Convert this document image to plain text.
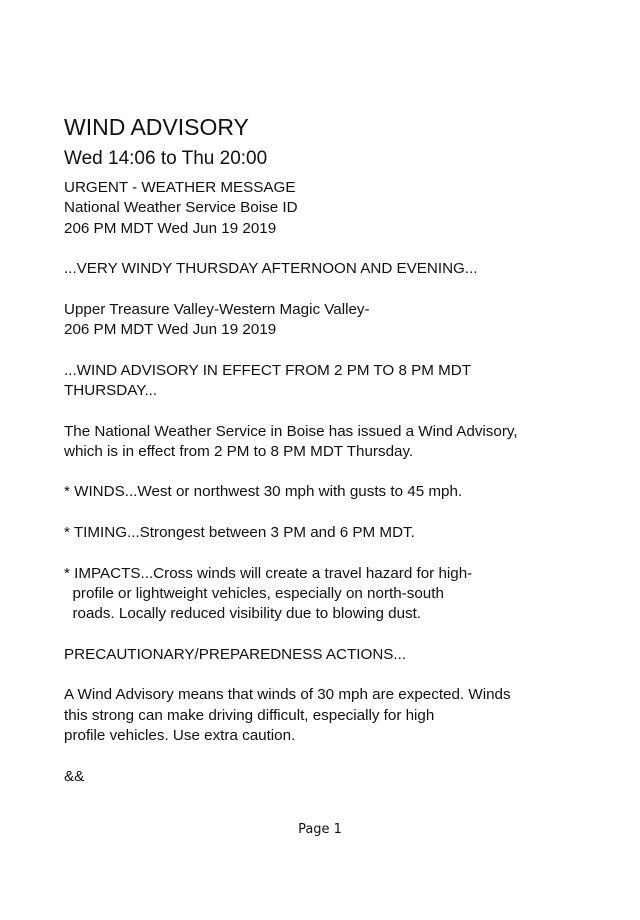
WIND ADVISORY
Wed 14:06 to Thu 20:00
URGENT - WEATHER MESSAGE
National Weather Service Boise ID
206 PM MDT Wed Jun 19 2019
...VERY WINDY THURSDAY AFTERNOON AND EVENING...
Upper Treasure Valley-Western Magic Valley-
206 PM MDT Wed Jun 19 2019
...WIND ADVISORY IN EFFECT FROM 2 PM TO 8 PM MDT
THURSDAY...
The National Weather Service in Boise has issued a Wind Advisory,
which is in effect from 2 PM to 8 PM MDT Thursday.
* WINDS...West or northwest 30 mph with gusts to 45 mph.
* TIMING...Strongest between 3 PM and 6 PM MDT.
* IMPACTS...Cross winds will create a travel hazard for high-
profile or lightweight vehicles, especially on north-south
roads. Locally reduced visibility due to blowing dust.
PRECAUTIONARY/PREPAREDNESS ACTIONS...
A Wind Advisory means that winds of 30 mph are expected. Winds
this strong can make driving difficult, especially for high
profile vehicles. Use extra caution.
&&
Page 1
